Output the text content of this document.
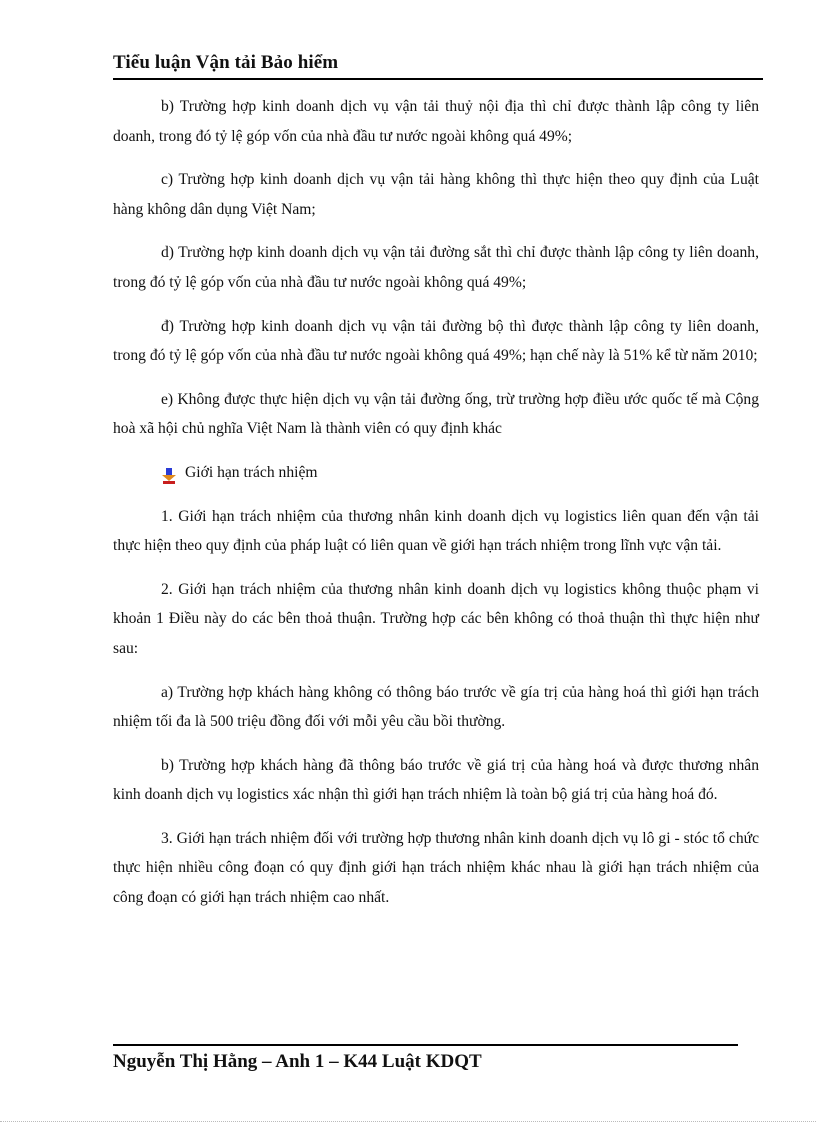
Tiểu luận Vận tải Bảo hiểm

b) Trường hợp kinh doanh dịch vụ vận tải thuỷ nội địa thì chỉ được thành lập công ty liên doanh, trong đó tỷ lệ góp vốn của nhà đầu tư nước ngoài không quá 49%;

c) Trường hợp kinh doanh dịch vụ vận tải hàng không thì thực hiện theo quy định của Luật hàng không dân dụng Việt Nam;

d) Trường hợp kinh doanh dịch vụ vận tải đường sắt thì chỉ được thành lập công ty liên doanh, trong đó tỷ lệ góp vốn của nhà đầu tư nước ngoài không quá 49%;

đ) Trường hợp kinh doanh dịch vụ vận tải đường bộ thì được thành lập công ty liên doanh, trong đó tỷ lệ góp vốn của nhà đầu tư nước ngoài không quá 49%; hạn chế này là 51% kể từ năm 2010;

e) Không được thực hiện dịch vụ vận tải đường ống, trừ trường hợp điều ước quốc tế mà Cộng hoà xã hội chủ nghĩa Việt Nam là thành viên có quy định khác

Giới hạn trách nhiệm

1. Giới hạn trách nhiệm của thương nhân kinh doanh dịch vụ logistics liên quan đến vận tải thực hiện theo quy định của pháp luật có liên quan về giới hạn trách nhiệm trong lĩnh vực vận tải.

2. Giới hạn trách nhiệm của thương nhân kinh doanh dịch vụ logistics không thuộc phạm vi khoản 1 Điều này do các bên thoả thuận. Trường hợp các bên không có thoả thuận thì thực hiện như sau:

a) Trường hợp khách hàng không có thông báo trước về gía trị của hàng hoá thì giới hạn trách nhiệm tối đa là 500 triệu đồng đối với mỗi yêu cầu bồi thường.

b) Trường hợp khách hàng đã thông báo trước về giá trị của hàng hoá và được thương nhân kinh doanh dịch vụ logistics xác nhận thì giới hạn trách nhiệm là toàn bộ giá trị của hàng hoá đó.

3. Giới hạn trách nhiệm đối với trường hợp thương nhân kinh doanh dịch vụ lô gi - stóc tổ chức thực hiện nhiều công đoạn có quy định giới hạn trách nhiệm khác nhau là giới hạn trách nhiệm của công đoạn có giới hạn trách nhiệm cao nhất.

Nguyễn Thị Hằng – Anh 1 – K44 Luật KDQT
